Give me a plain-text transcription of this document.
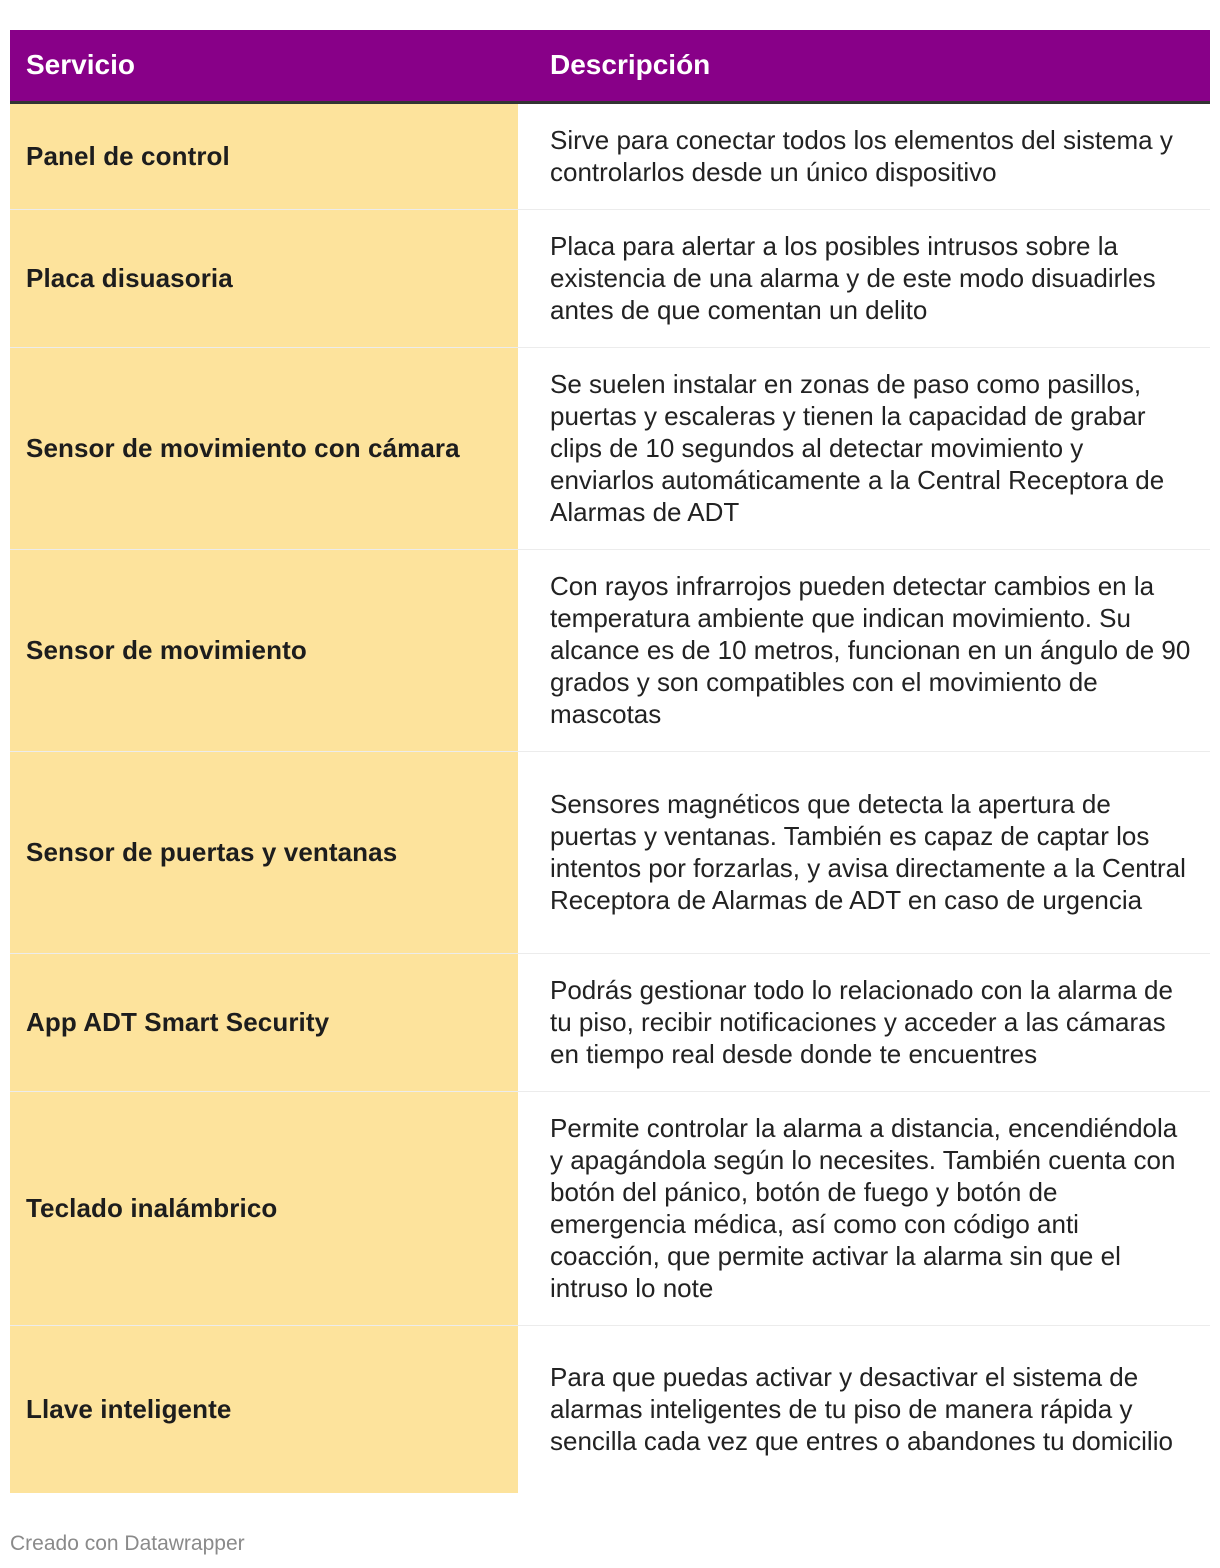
Servicio	Descripción
Panel de control	Sirve para conectar todos los elementos del sistema y controlarlos desde un único dispositivo
Placa disuasoria	Placa para alertar a los posibles intrusos sobre la existencia de una alarma y de este modo disuadirles antes de que comentan un delito
Sensor de movimiento con cámara	Se suelen instalar en zonas de paso como pasillos, puertas y escaleras y tienen la capacidad de grabar clips de 10 segundos al detectar movimiento y enviarlos automáticamente a la Central Receptora de Alarmas de ADT
Sensor de movimiento	Con rayos infrarrojos pueden detectar cambios en la temperatura ambiente que indican movimiento. Su alcance es de 10 metros, funcionan en un ángulo de 90 grados y son compatibles con el movimiento de mascotas
Sensor de puertas y ventanas	Sensores magnéticos que detecta la apertura de puertas y ventanas. También es capaz de captar los intentos por forzarlas, y avisa directamente a la Central Receptora de Alarmas de ADT en caso de urgencia
App ADT Smart Security	Podrás gestionar todo lo relacionado con la alarma de tu piso, recibir notificaciones y acceder a las cámaras en tiempo real desde donde te encuentres
Teclado inalámbrico	Permite controlar la alarma a distancia, encendiéndola y apagándola según lo necesites. También cuenta con botón del pánico, botón de fuego y botón de emergencia médica, así como con código anti coacción, que permite activar la alarma sin que el intruso lo note
Llave inteligente	Para que puedas activar y desactivar el sistema de alarmas inteligentes de tu piso de manera rápida y sencilla cada vez que entres o abandones tu domicilio
Creado con Datawrapper
